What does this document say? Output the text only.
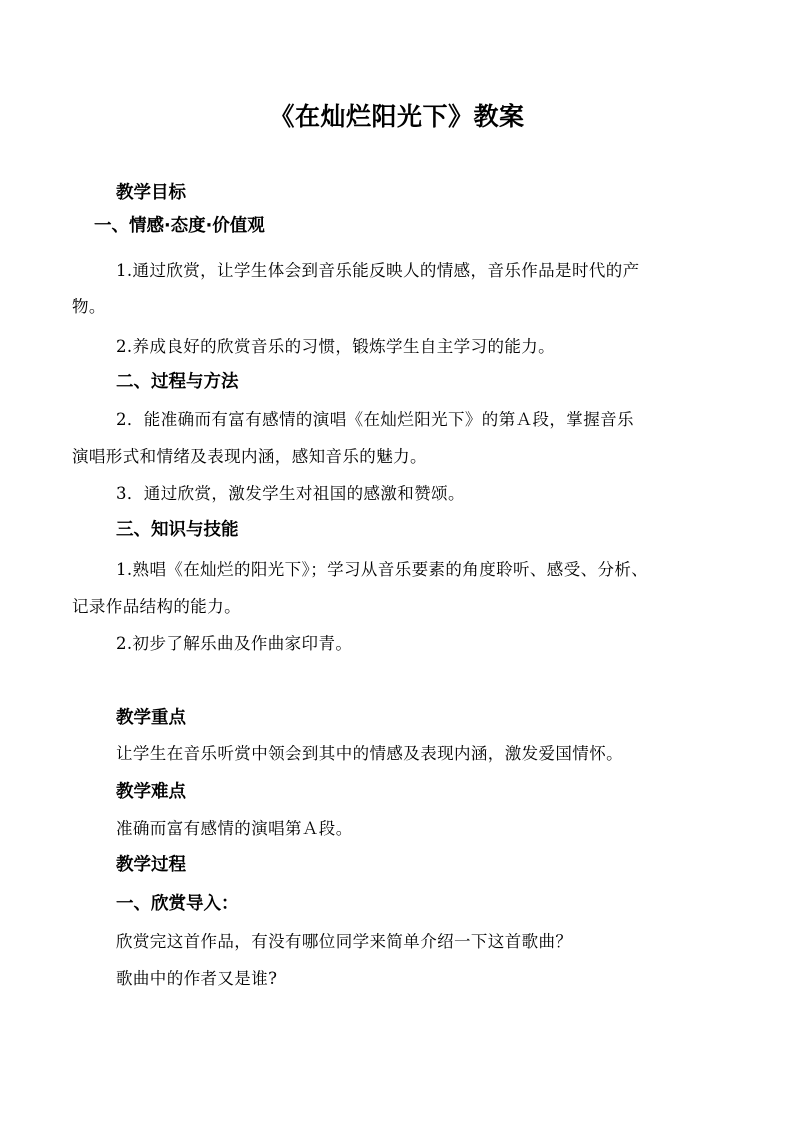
《在灿烂阳光下》教案
教学目标
一、情感·态度·价值观
1.通过欣赏，让学生体会到音乐能反映人的情感，音乐作品是时代的产
物。
2.养成良好的欣赏音乐的习惯，锻炼学生自主学习的能力。
二、过程与方法
2．能准确而有富有感情的演唱《在灿烂阳光下》的第Ａ段，掌握音乐
演唱形式和情绪及表现内涵，感知音乐的魅力。
3．通过欣赏，激发学生对祖国的感激和赞颂。
三、知识与技能
1.熟唱《在灿烂的阳光下》；学习从音乐要素的角度聆听、感受、分析、
记录作品结构的能力。
2.初步了解乐曲及作曲家印青。
教学重点
让学生在音乐听赏中领会到其中的情感及表现内涵，激发爱国情怀。
教学难点
准确而富有感情的演唱第Ａ段。
教学过程
一、欣赏导入：
欣赏完这首作品，有没有哪位同学来简单介绍一下这首歌曲？
歌曲中的作者又是谁?
